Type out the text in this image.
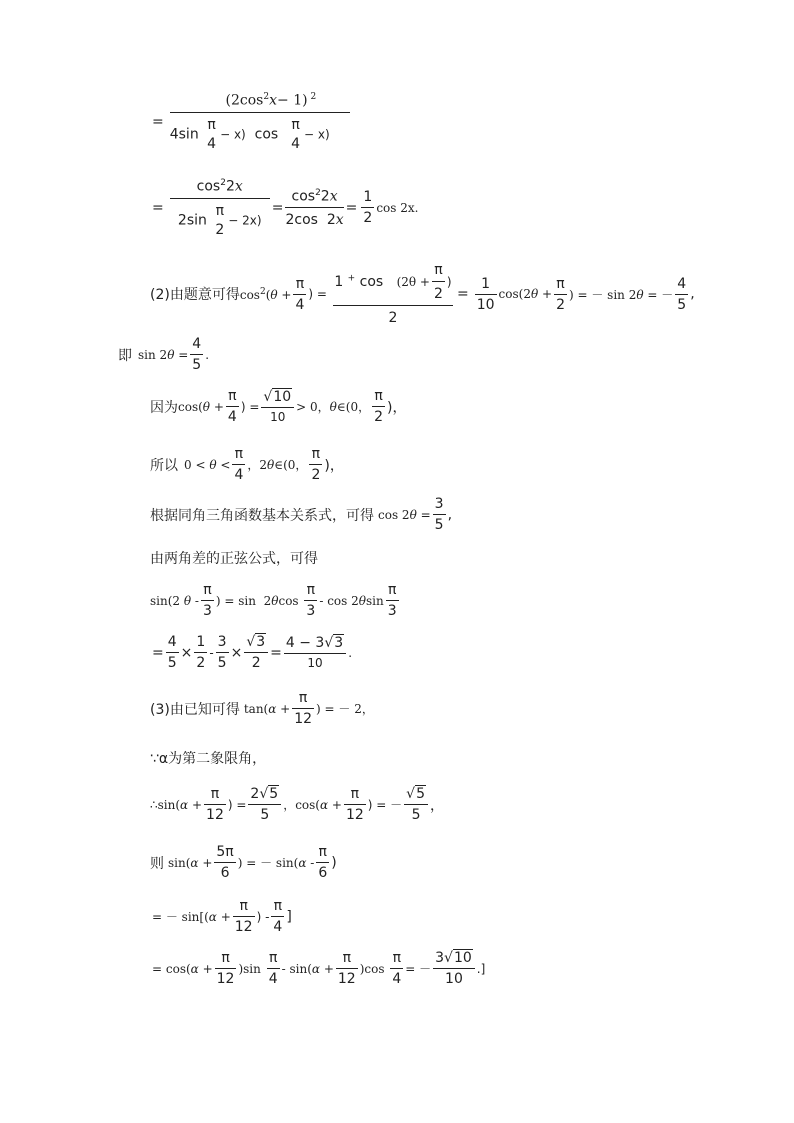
= $(2\cos^2x- 1)$ $^2$
4sin
π
4
− x)  cos
π
4
− x)
= $\cos^22x$
2sin
π
2
− $2x) = \frac{\cos^22x}{2\cos 2x} = \frac{1}{2}$ cos 2x.
(2)由题意可得 $\cos^2(\theta + \frac{\pi}{4}$ ) = $\frac{1 ^+ \cos (2\theta + \frac{\pi}{2} )}{2} = \frac{1}{10} \cos(2\theta + \frac{\pi}{2}$ ) = － sin 2θ = －
4
5
,
即 $\sin 2\theta = \frac{4}{5}$ .
因为 $\cos(\theta + \frac{\pi}{4}$ ) = $\frac{√10}{10} > 0$，θ∈(0，
π
2
)，
所以 0 < θ <
π
4
，2θ∈(0，
π
2
)，
根据同角三角函数基本关系式，可得 $\cos 2\theta = \frac{3}{5}$ ,
由两角差的正弦公式，可得
sin(2 θ -
π
3
) = sin  2θcos
π
3
- cos 2θsin
π
3
= $\frac{4}{5} \times \frac{1}{2} - \frac{3}{5} \times \frac{√3}{2} = \frac{4 - 3√3}{10}$ .
(3)由已知可得 $\tan(\alpha + \frac{\pi}{12}$ ) = － 2，
∵α为第二象限角，
∴sin(α + $\frac{\pi}{12}$ ) = $\frac{2√5}{5}$ ，$\cos(\alpha + \frac{\pi}{12}$ ) = －
√5
5
，
则 $\sin(\alpha + \frac{5\pi}{6}$ ) = － sin(α -
π
6
)
= － $\sin[(\alpha + \frac{\pi}{12}$ ) -
π
4
]
= $\cos(\alpha + \frac{\pi}{12} )\sin$
π
4
- $\sin(\alpha + \frac{\pi}{12} )\cos \frac{\pi}{4}$ = －
3√10
10
.]
